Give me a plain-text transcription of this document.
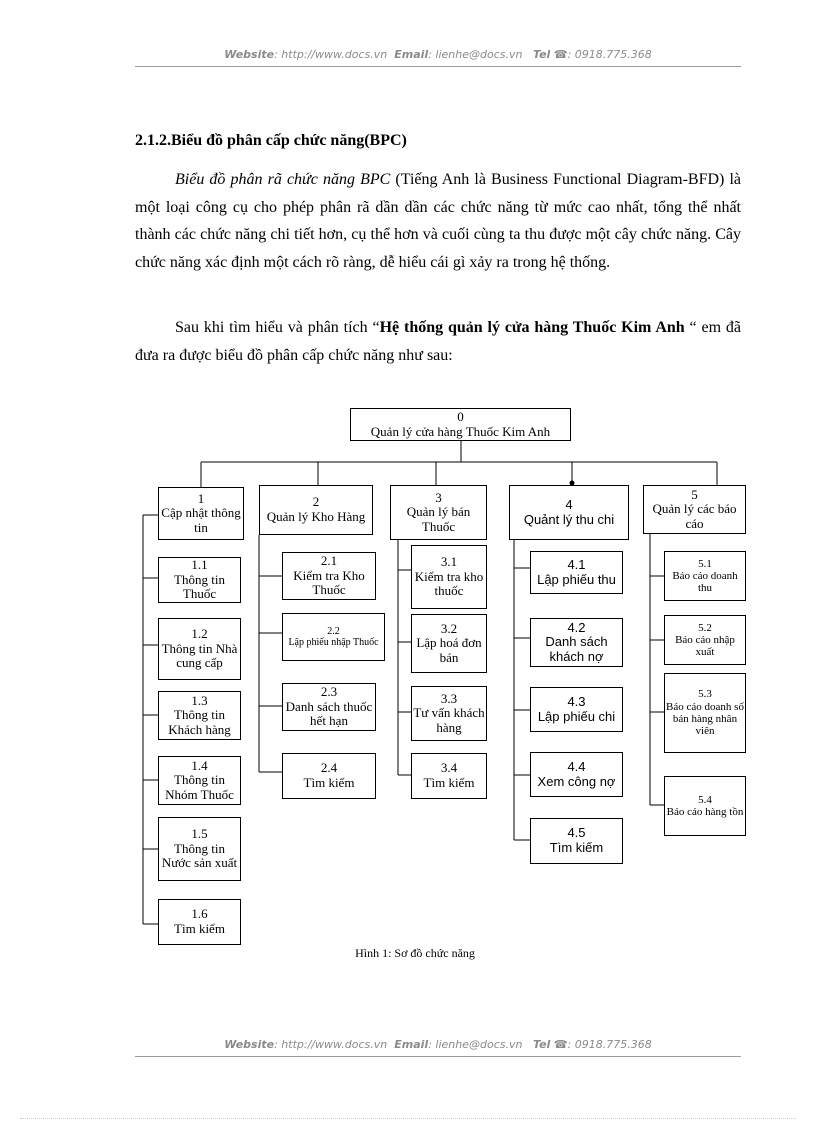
Website: http://www.docs.vn Email: lienhe@docs.vn Tel ☎: 0918.775.368
2.1.2.Biểu đồ phân cấp chức năng(BPC)
Biểu đồ phân rã chức năng BPC (Tiếng Anh là Business Functional Diagram-BFD) là một loại công cụ cho phép phân rã dần dần các chức năng từ mức cao nhất, tổng thể nhất thành các chức năng chi tiết hơn, cụ thể hơn và cuối cùng ta thu được một cây chức năng. Cây chức năng xác định một cách rõ ràng, dễ hiểu cái gì xảy ra trong hệ thống.
Sau khi tìm hiểu và phân tích “Hệ thống quản lý cửa hàng Thuốc Kim Anh “ em đã đưa ra được biểu đồ phân cấp chức năng như sau:
0
Quản lý cửa hàng Thuốc Kim Anh
1
Cập nhật thông tin
2
Quản lý Kho Hàng
3
Quản lý bán Thuốc
4
Quảnt lý thu chi
5
Quản lý các báo cáo
1.1
Thông tin Thuốc
1.2
Thông tin Nhà cung cấp
1.3
Thông tin Khách hàng
1.4
Thông tin Nhóm Thuốc
1.5
Thông tin Nước sản xuất
1.6
Tìm kiếm
2.1
Kiểm tra Kho Thuốc
2.2
Lập phiếu nhập Thuốc
2.3
Danh sách thuốc hết hạn
2.4
Tìm kiếm
3.1
Kiểm tra kho thuốc
3.2
Lập hoá đơn bán
3.3
Tư vấn khách hàng
3.4
Tìm kiếm
4.1
Lập phiếu thu
4.2
Danh sách khách nợ
4.3
Lập phiếu chi
4.4
Xem công nợ
4.5
Tìm kiếm
5.1
Báo cáo doanh thu
5.2
Báo cáo nhập xuất
5.3
Báo cáo doanh số bán hàng nhân viên
5.4
Báo cáo hàng tồn
Hình 1: Sơ đồ chức năng
Website: http://www.docs.vn Email: lienhe@docs.vn Tel ☎: 0918.775.368
